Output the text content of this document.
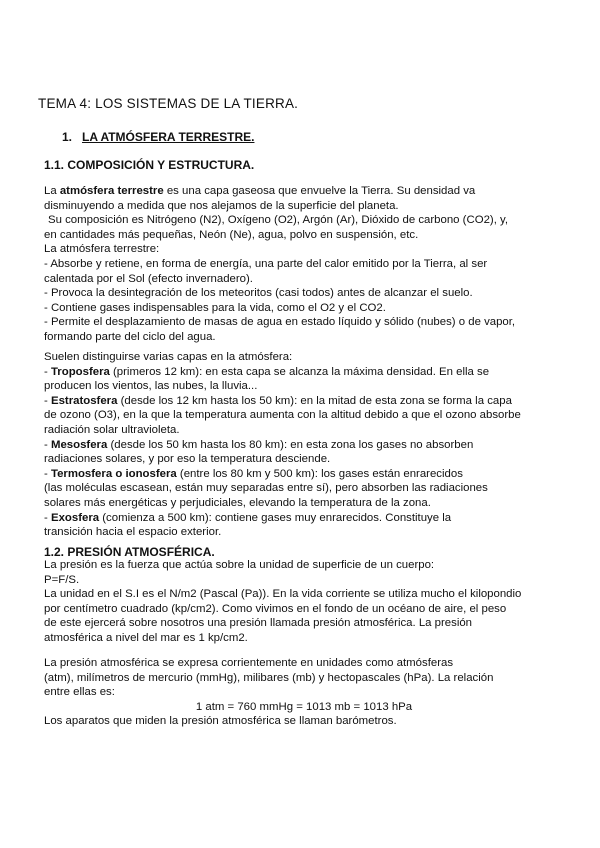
TEMA 4: LOS SISTEMAS DE LA TIERRA.
1. LA ATMÓSFERA TERRESTRE.
1.1. COMPOSICIÓN Y ESTRUCTURA.

La atmósfera terrestre es una capa gaseosa que envuelve la Tierra. Su densidad va

disminuyendo a medida que nos alejamos de la superficie del planeta.

Su composición es Nitrógeno (N2), Oxígeno (O2), Argón (Ar), Dióxido de carbono (CO2), y,

en cantidades más pequeñas, Neón (Ne), agua, polvo en suspensión, etc.

La atmósfera terrestre:

- Absorbe y retiene, en forma de energía, una parte del calor emitido por la Tierra, al ser

calentada por el Sol (efecto invernadero).

- Provoca la desintegración de los meteoritos (casi todos) antes de alcanzar el suelo.

- Contiene gases indispensables para la vida, como el O2 y el CO2.

- Permite el desplazamiento de masas de agua en estado líquido y sólido (nubes) o de vapor,

formando parte del ciclo del agua.

Suelen distinguirse varias capas en la atmósfera:

- Troposfera (primeros 12 km): en esta capa se alcanza la máxima densidad. En ella se

producen los vientos, las nubes, la lluvia...

- Estratosfera (desde los 12 km hasta los 50 km): en la mitad de esta zona se forma la capa

de ozono (O3), en la que la temperatura aumenta con la altitud debido a que el ozono absorbe

radiación solar ultravioleta.

- Mesosfera (desde los 50 km hasta los 80 km): en esta zona los gases no absorben

radiaciones solares, y por eso la temperatura desciende.

- Termosfera o ionosfera (entre los 80 km y 500 km): los gases están enrarecidos

(las moléculas escasean, están muy separadas entre sí), pero absorben las radiaciones

solares más energéticas y perjudiciales, elevando la temperatura de la zona.

- Exosfera (comienza a 500 km): contiene gases muy enrarecidos. Constituye la

transición hacia el espacio exterior.

1.2. PRESIÓN ATMOSFÉRICA.

La presión es la fuerza que actúa sobre la unidad de superficie de un cuerpo:

P=F/S.

La unidad en el S.I es el N/m2 (Pascal (Pa)). En la vida corriente se utiliza mucho el kilopondio

por centímetro cuadrado (kp/cm2). Como vivimos en el fondo de un océano de aire, el peso

de este ejercerá sobre nosotros una presión llamada presión atmosférica. La presión

atmosférica a nivel del mar es 1 kp/cm2.

La presión atmosférica se expresa corrientemente en unidades como atmósferas

(atm), milímetros de mercurio (mmHg), milibares (mb) y hectopascales (hPa). La relación

entre ellas es:

1 atm = 760 mmHg = 1013 mb = 1013 hPa

Los aparatos que miden la presión atmosférica se llaman barómetros.
